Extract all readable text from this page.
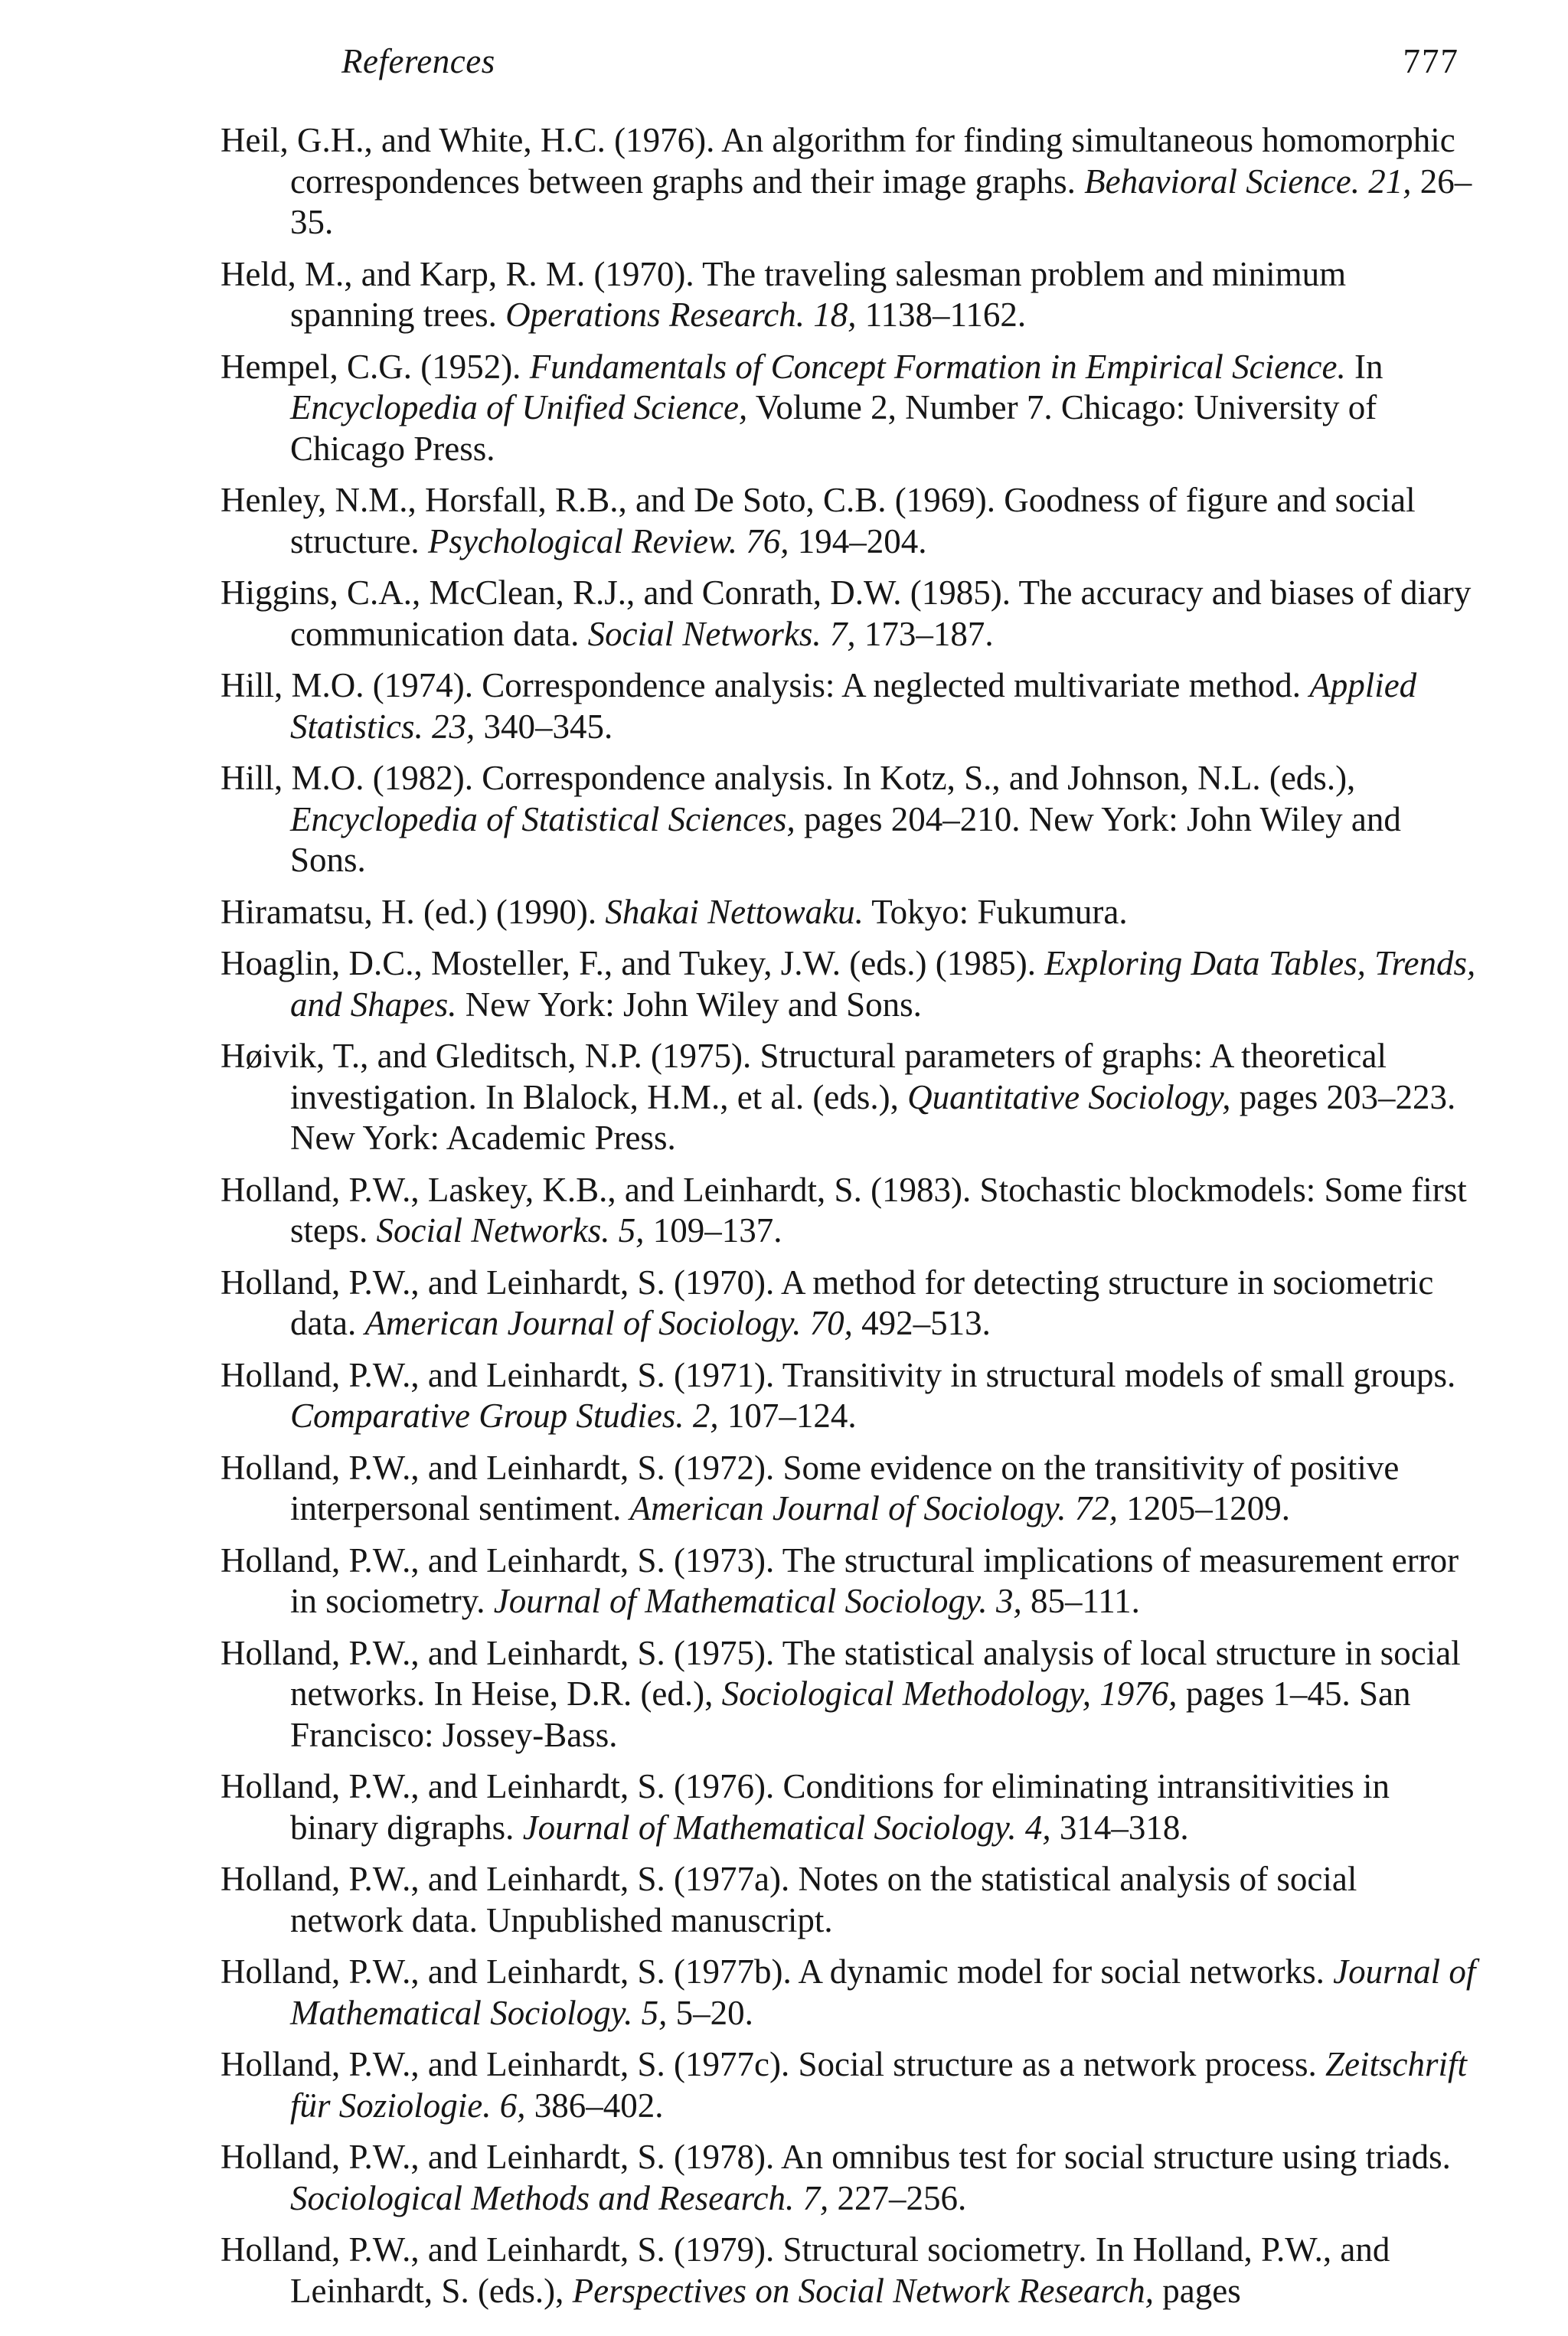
References	777
Heil, G.H., and White, H.C. (1976). An algorithm for finding simultaneous homomorphic correspondences between graphs and their image graphs. Behavioral Science. 21, 26–35.
Held, M., and Karp, R. M. (1970). The traveling salesman problem and minimum spanning trees. Operations Research. 18, 1138–1162.
Hempel, C.G. (1952). Fundamentals of Concept Formation in Empirical Science. In Encyclopedia of Unified Science, Volume 2, Number 7. Chicago: University of Chicago Press.
Henley, N.M., Horsfall, R.B., and De Soto, C.B. (1969). Goodness of figure and social structure. Psychological Review. 76, 194–204.
Higgins, C.A., McClean, R.J., and Conrath, D.W. (1985). The accuracy and biases of diary communication data. Social Networks. 7, 173–187.
Hill, M.O. (1974). Correspondence analysis: A neglected multivariate method. Applied Statistics. 23, 340–345.
Hill, M.O. (1982). Correspondence analysis. In Kotz, S., and Johnson, N.L. (eds.), Encyclopedia of Statistical Sciences, pages 204–210. New York: John Wiley and Sons.
Hiramatsu, H. (ed.) (1990). Shakai Nettowaku. Tokyo: Fukumura.
Hoaglin, D.C., Mosteller, F., and Tukey, J.W. (eds.) (1985). Exploring Data Tables, Trends, and Shapes. New York: John Wiley and Sons.
Høivik, T., and Gleditsch, N.P. (1975). Structural parameters of graphs: A theoretical investigation. In Blalock, H.M., et al. (eds.), Quantitative Sociology, pages 203–223. New York: Academic Press.
Holland, P.W., Laskey, K.B., and Leinhardt, S. (1983). Stochastic blockmodels: Some first steps. Social Networks. 5, 109–137.
Holland, P.W., and Leinhardt, S. (1970). A method for detecting structure in sociometric data. American Journal of Sociology. 70, 492–513.
Holland, P.W., and Leinhardt, S. (1971). Transitivity in structural models of small groups. Comparative Group Studies. 2, 107–124.
Holland, P.W., and Leinhardt, S. (1972). Some evidence on the transitivity of positive interpersonal sentiment. American Journal of Sociology. 72, 1205–1209.
Holland, P.W., and Leinhardt, S. (1973). The structural implications of measurement error in sociometry. Journal of Mathematical Sociology. 3, 85–111.
Holland, P.W., and Leinhardt, S. (1975). The statistical analysis of local structure in social networks. In Heise, D.R. (ed.), Sociological Methodology, 1976, pages 1–45. San Francisco: Jossey-Bass.
Holland, P.W., and Leinhardt, S. (1976). Conditions for eliminating intransitivities in binary digraphs. Journal of Mathematical Sociology. 4, 314–318.
Holland, P.W., and Leinhardt, S. (1977a). Notes on the statistical analysis of social network data. Unpublished manuscript.
Holland, P.W., and Leinhardt, S. (1977b). A dynamic model for social networks. Journal of Mathematical Sociology. 5, 5–20.
Holland, P.W., and Leinhardt, S. (1977c). Social structure as a network process. Zeitschrift für Soziologie. 6, 386–402.
Holland, P.W., and Leinhardt, S. (1978). An omnibus test for social structure using triads. Sociological Methods and Research. 7, 227–256.
Holland, P.W., and Leinhardt, S. (1979). Structural sociometry. In Holland, P.W., and Leinhardt, S. (eds.), Perspectives on Social Network Research, pages
